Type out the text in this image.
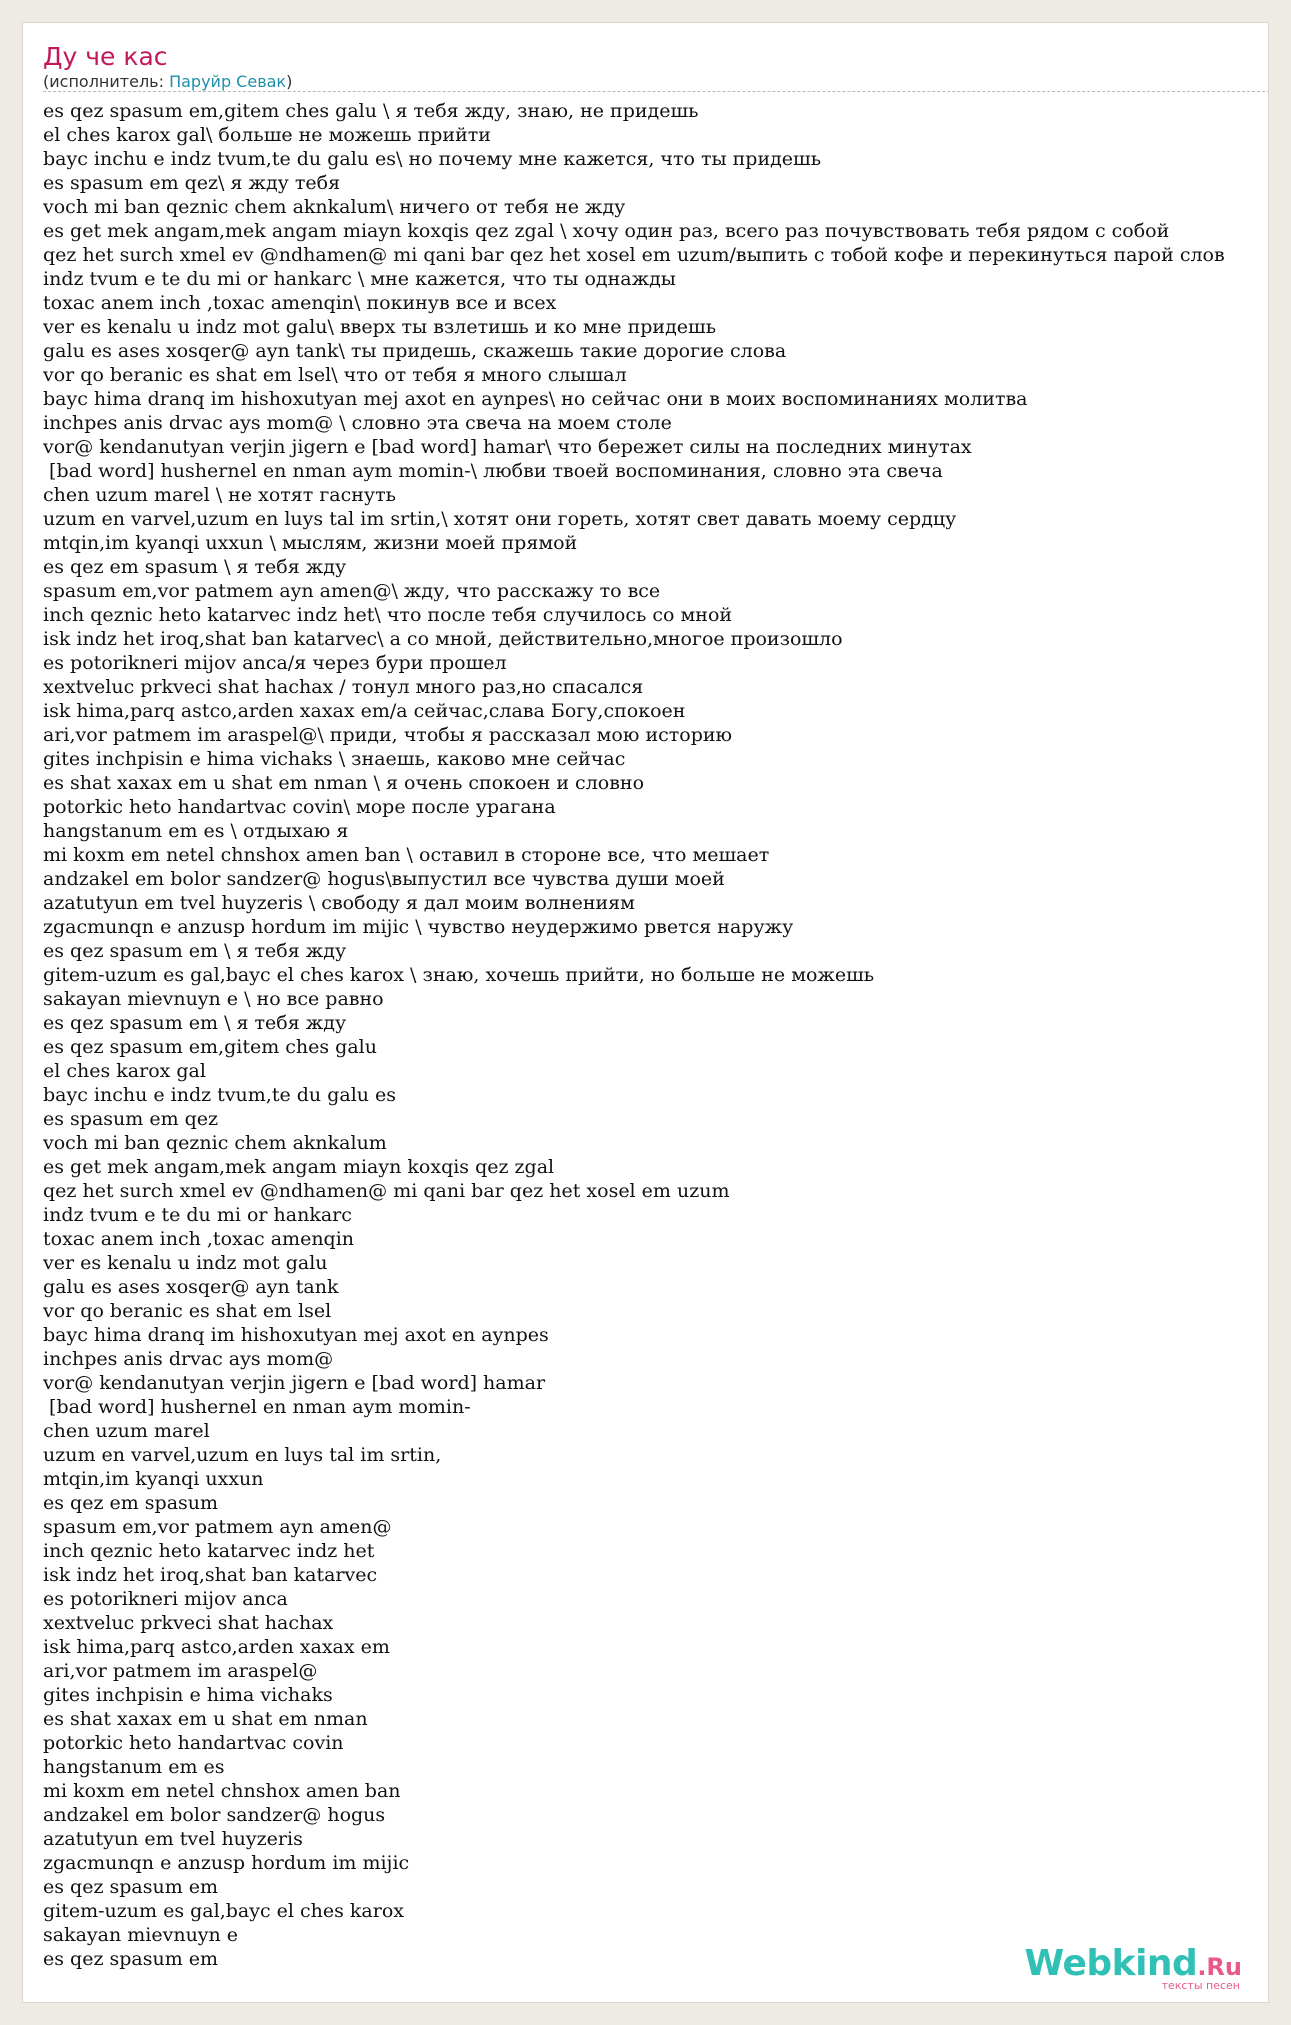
Ду че кас
(исполнитель: Паруйр Севак)
es qez spasum em,gitem ches galu \ я тебя жду, знаю, не придешь
el ches karox gal\ больше не можешь прийти
bayc inchu e indz tvum,te du galu es\ но почему мне кажется, что ты придешь
es spasum em qez\ я жду тебя
voch mi ban qeznic chem aknkalum\ ничего от тебя не жду
es get mek angam,mek angam miayn koxqis qez zgal \ хочу один раз, всего раз почувствовать тебя рядом с собой
qez het surch xmel ev @ndhamen@ mi qani bar qez het xosel em uzum/выпить с тобой кофе и перекинуться парой слов
indz tvum e te du mi or hankarc \ мне кажется, что ты однажды
toxac anem inch ,toxac amenqin\ покинув все и всех
ver es kenalu u indz mot galu\ вверх ты взлетишь и ко мне придешь
galu es ases xosqer@ ayn tank\ ты придешь, скажешь такие дорогие слова
vor qo beranic es shat em lsel\ что от тебя я много слышал
bayc hima dranq im hishoxutyan mej axot en aynpes\ но сейчас они в моих воспоминаниях молитва
inchpes anis drvac ays mom@ \ словно эта свеча на моем столе
vor@ kendanutyan verjin jigern e [bad word] hamar\ что бережет силы на последних минутах
[bad word] hushernel en nman aym momin-\ любви твоей воспоминания, словно эта свеча
chen uzum marel \ не хотят гаснуть
uzum en varvel,uzum en luys tal im srtin,\ хотят они гореть, хотят свет давать моему сердцу
mtqin,im kyanqi uxxun \ мыслям, жизни моей прямой
es qez em spasum \ я тебя жду
spasum em,vor patmem ayn amen@\ жду, что расскажу то все
inch qeznic heto katarvec indz het\ что после тебя случилось со мной
isk indz het iroq,shat ban katarvec\ а со мной, действительно,многое произошло
es potorikneri mijov anca/я через бури прошел
xextveluc prkveci shat hachax / тонул много раз,но спасался
isk hima,parq astco,arden xaxax em/а сейчас,слава Богу,спокоен
ari,vor patmem im araspel@\ приди, чтобы я рассказал мою историю
gites inchpisin e hima vichaks \ знаешь, каково мне сейчас
es shat xaxax em u shat em nman \ я очень спокоен и словно
potorkic heto handartvac covin\ море после урагана
hangstanum em es \ отдыхаю я
mi koxm em netel chnshox amen ban \ оставил в стороне все, что мешает
andzakel em bolor sandzer@ hogus\выпустил все чувства души моей
azatutyun em tvel huyzeris \ свободу я дал моим волнениям
zgacmunqn e anzusp hordum im mijic \ чувство неудержимо рвется наружу
es qez spasum em \ я тебя жду
gitem-uzum es gal,bayc el ches karox \ знаю, хочешь прийти, но больше не можешь
sakayan mievnuyn e \ но все равно
es qez spasum em \ я тебя жду
es qez spasum em,gitem ches galu
el ches karox gal
bayc inchu e indz tvum,te du galu es
es spasum em qez
voch mi ban qeznic chem aknkalum
es get mek angam,mek angam miayn koxqis qez zgal
qez het surch xmel ev @ndhamen@ mi qani bar qez het xosel em uzum
indz tvum e te du mi or hankarc
toxac anem inch ,toxac amenqin
ver es kenalu u indz mot galu
galu es ases xosqer@ ayn tank
vor qo beranic es shat em lsel
bayc hima dranq im hishoxutyan mej axot en aynpes
inchpes anis drvac ays mom@
vor@ kendanutyan verjin jigern e [bad word] hamar
[bad word] hushernel en nman aym momin-
chen uzum marel
uzum en varvel,uzum en luys tal im srtin,
mtqin,im kyanqi uxxun
es qez em spasum
spasum em,vor patmem ayn amen@
inch qeznic heto katarvec indz het
isk indz het iroq,shat ban katarvec
es potorikneri mijov anca
xextveluc prkveci shat hachax
isk hima,parq astco,arden xaxax em
ari,vor patmem im araspel@
gites inchpisin e hima vichaks
es shat xaxax em u shat em nman
potorkic heto handartvac covin
hangstanum em es
mi koxm em netel chnshox amen ban
andzakel em bolor sandzer@ hogus
azatutyun em tvel huyzeris
zgacmunqn e anzusp hordum im mijic
es qez spasum em
gitem-uzum es gal,bayc el ches karox
sakayan mievnuyn e
es qez spasum em	Webkind.Ru
тексты песен
